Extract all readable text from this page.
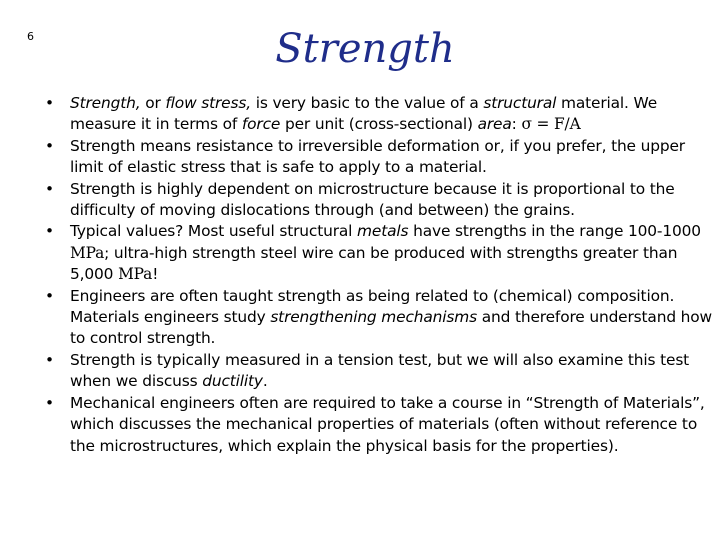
6	Strength
• Strength, or flow stress, is very basic to the value of a structural material. We measure it in terms of force per unit (cross-sectional) area: σ = F/A
• Strength means resistance to irreversible deformation or, if you prefer, the upper limit of elastic stress that is safe to apply to a material.
• Strength is highly dependent on microstructure because it is proportional to the difficulty of moving dislocations through (and between) the grains.
• Typical values? Most useful structural metals have strengths in the range 100-1000 MPa; ultra-high strength steel wire can be produced with strengths greater than 5,000 MPa!
• Engineers are often taught strength as being related to (chemical) composition. Materials engineers study strengthening mechanisms and therefore understand how to control strength.
• Strength is typically measured in a tension test, but we will also examine this test when we discuss ductility.
• Mechanical engineers often are required to take a course in “Strength of Materials”, which discusses the mechanical properties of materials (often without reference to the microstructures, which explain the physical basis for the properties).
